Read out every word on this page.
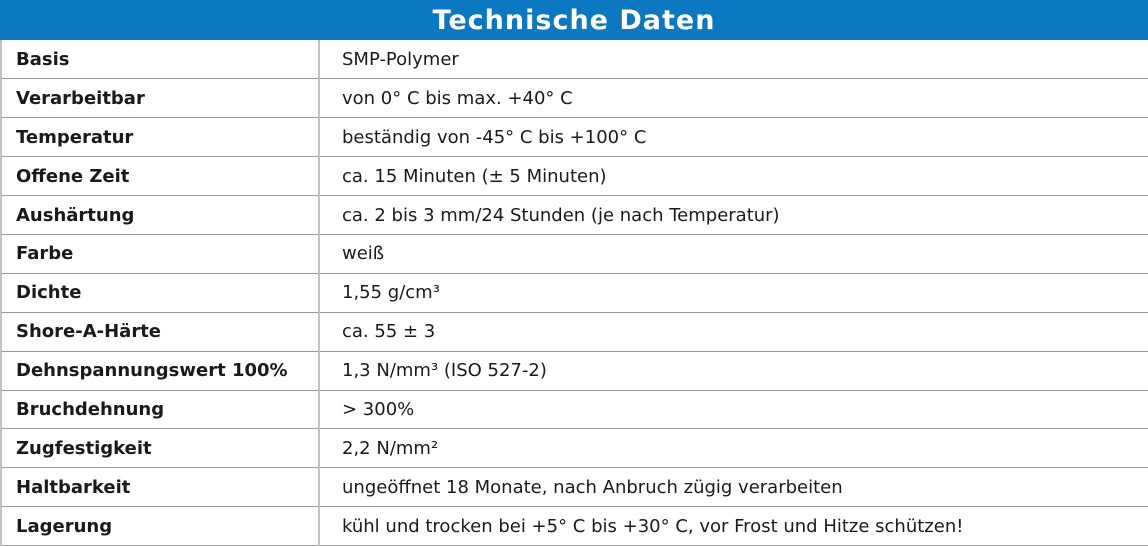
Technische Daten
Basis	SMP-Polymer
Verarbeitbar	von 0° C bis max. +40° C
Temperatur	beständig von -45° C bis +100° C
Offene Zeit	ca. 15 Minuten (± 5 Minuten)
Aushärtung	ca. 2 bis 3 mm/24 Stunden (je nach Temperatur)
Farbe	weiß
Dichte	1,55 g/cm³
Shore-A-Härte	ca. 55 ± 3
Dehnspannungswert 100%	1,3 N/mm³ (ISO 527-2)
Bruchdehnung	> 300%
Zugfestigkeit	2,2 N/mm²
Haltbarkeit	ungeöffnet 18 Monate, nach Anbruch zügig verarbeiten
Lagerung	kühl und trocken bei +5° C bis +30° C, vor Frost und Hitze schützen!
